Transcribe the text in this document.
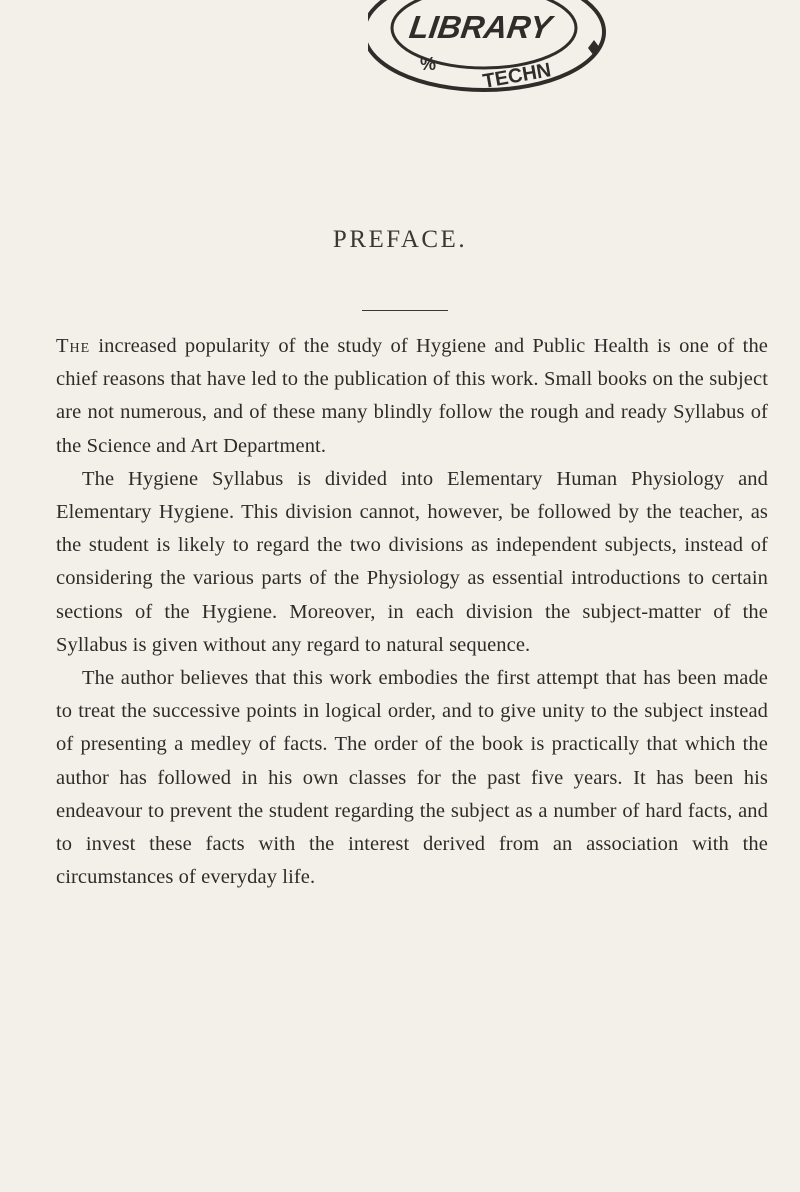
LIBRARY
TECHN
%
PREFACE.

The increased popularity of the study of Hygiene and Public Health is one of the chief reasons that have led to the publication of this work. Small books on the subject are not numerous, and of these many blindly follow the rough and ready Syllabus of the Science and Art Department.

The Hygiene Syllabus is divided into Elementary Human Physiology and Elementary Hygiene. This division cannot, however, be followed by the teacher, as the student is likely to regard the two divisions as independent subjects, instead of considering the various parts of the Physiology as essential introductions to certain sections of the Hygiene. Moreover, in each division the subject-matter of the Syllabus is given without any regard to natural sequence.

The author believes that this work embodies the first attempt that has been made to treat the successive points in logical order, and to give unity to the subject instead of presenting a medley of facts. The order of the book is practically that which the author has followed in his own classes for the past five years. It has been his endeavour to prevent the student regarding the subject as a number of hard facts, and to invest these facts with the interest derived from an association with the circumstances of everyday life.
